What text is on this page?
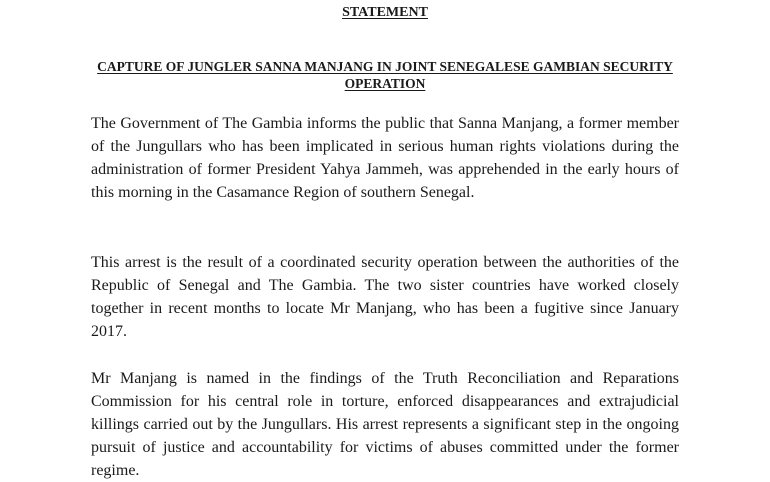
STATEMENT
CAPTURE OF JUNGLER SANNA MANJANG IN JOINT SENEGALESE GAMBIAN SECURITY OPERATION

The Government of The Gambia informs the public that Sanna Manjang, a former member of the Jungullars who has been implicated in serious human rights violations during the administration of former President Yahya Jammeh, was apprehended in the early hours of this morning in the Casamance Region of southern Senegal.

This arrest is the result of a coordinated security operation between the authorities of the Republic of Senegal and The Gambia. The two sister countries have worked closely together in recent months to locate Mr Manjang, who has been a fugitive since January 2017.

Mr Manjang is named in the findings of the Truth Reconciliation and Reparations Commission for his central role in torture, enforced disappearances and extrajudicial killings carried out by the Jungullars. His arrest represents a significant step in the ongoing pursuit of justice and accountability for victims of abuses committed under the former regime.
